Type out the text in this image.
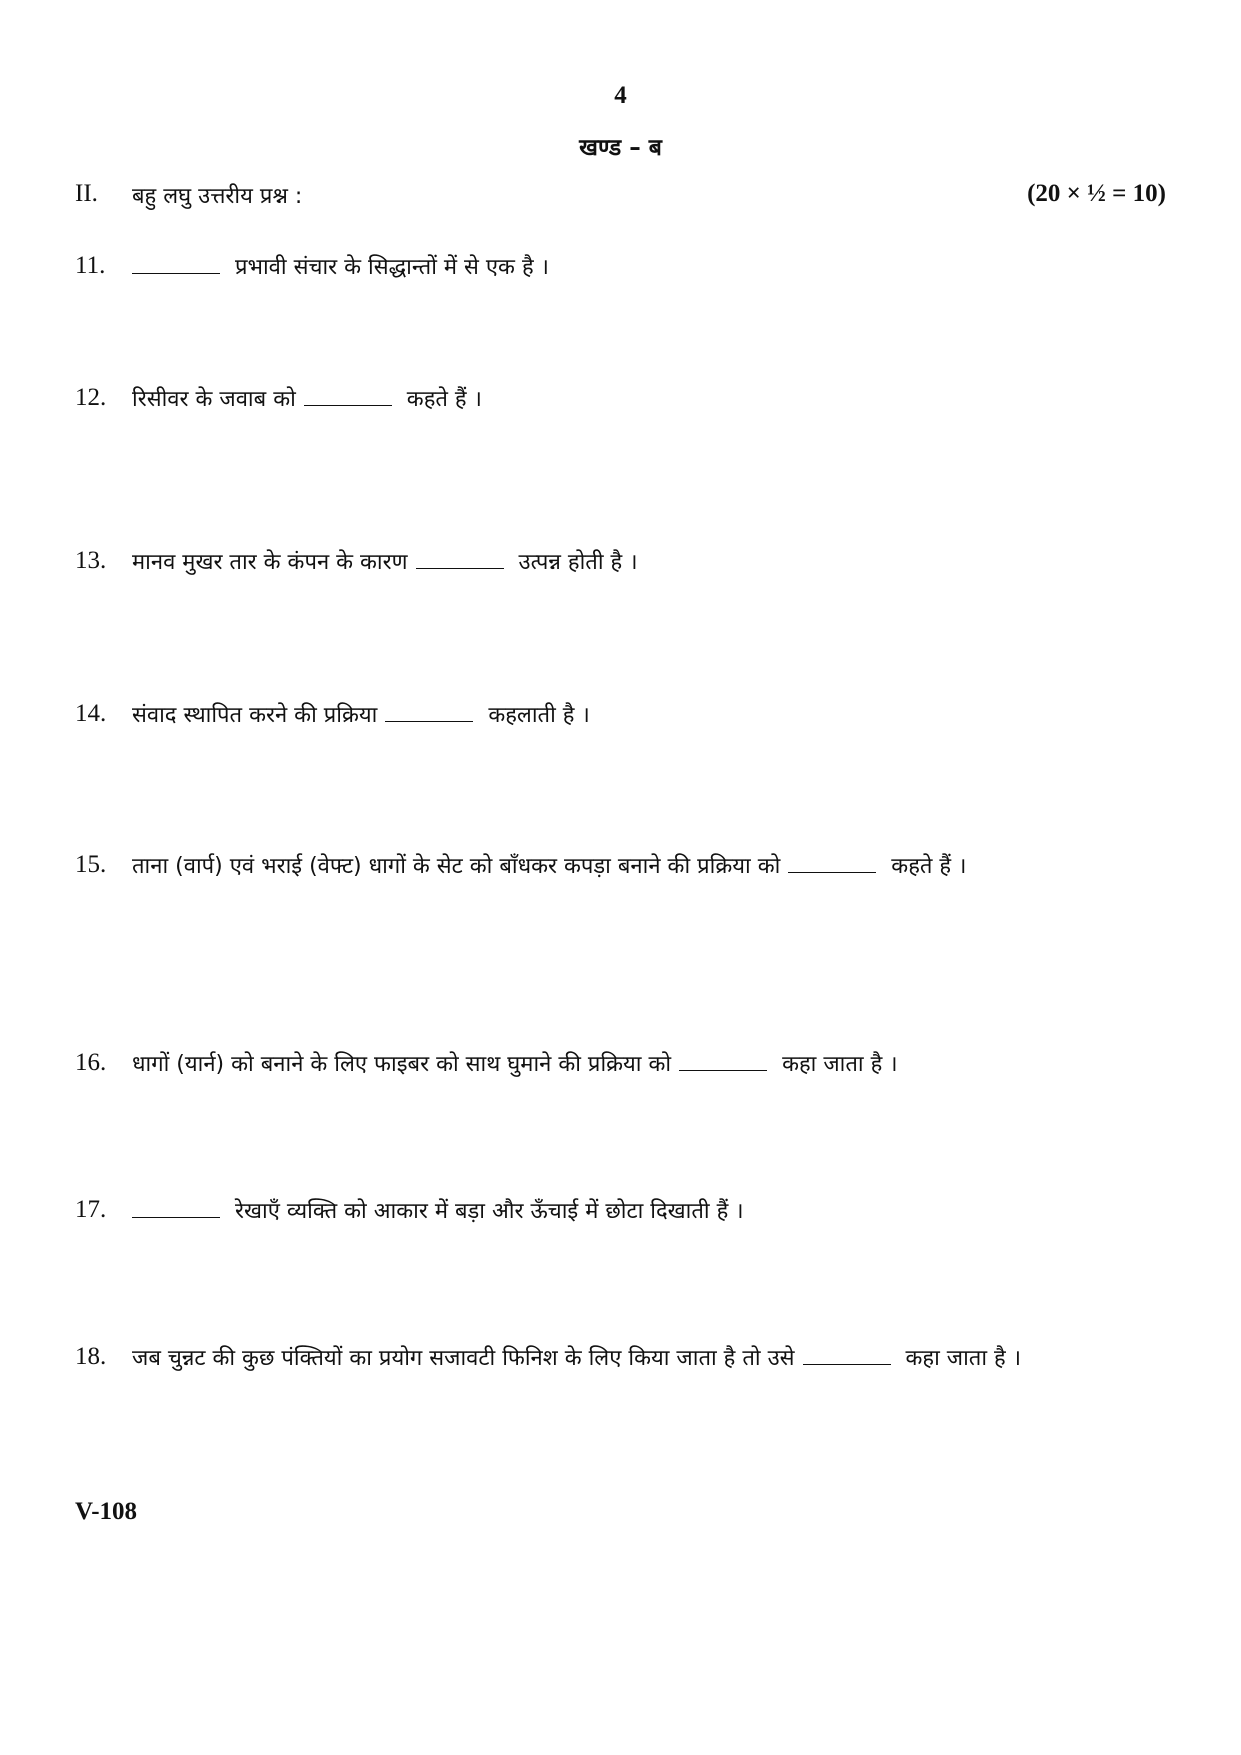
4
खण्ड – ब
II. बहु लघु उत्तरीय प्रश्न :	(20 × ½ = 10)
11.	प्रभावी संचार के सिद्धान्तों में से एक है ।
12. रिसीवर के जवाब को	कहते हैं ।
13. मानव मुखर तार के कंपन के कारण	उत्पन्न होती है ।
14. संवाद स्थापित करने की प्रक्रिया	कहलाती है ।
15. ताना (वार्प) एवं भराई (वेफ्ट) धागों के सेट को बाँधकर कपड़ा बनाने की प्रक्रिया को	कहते हैं ।
16. धागों (यार्न) को बनाने के लिए फाइबर को साथ घुमाने की प्रक्रिया को	कहा जाता है ।
17.	रेखाएँ व्यक्ति को आकार में बड़ा और ऊँचाई में छोटा दिखाती हैं ।
18. जब चुन्नट की कुछ पंक्तियों का प्रयोग सजावटी फिनिश के लिए किया जाता है तो उसे	कहा जाता है ।
V-108
